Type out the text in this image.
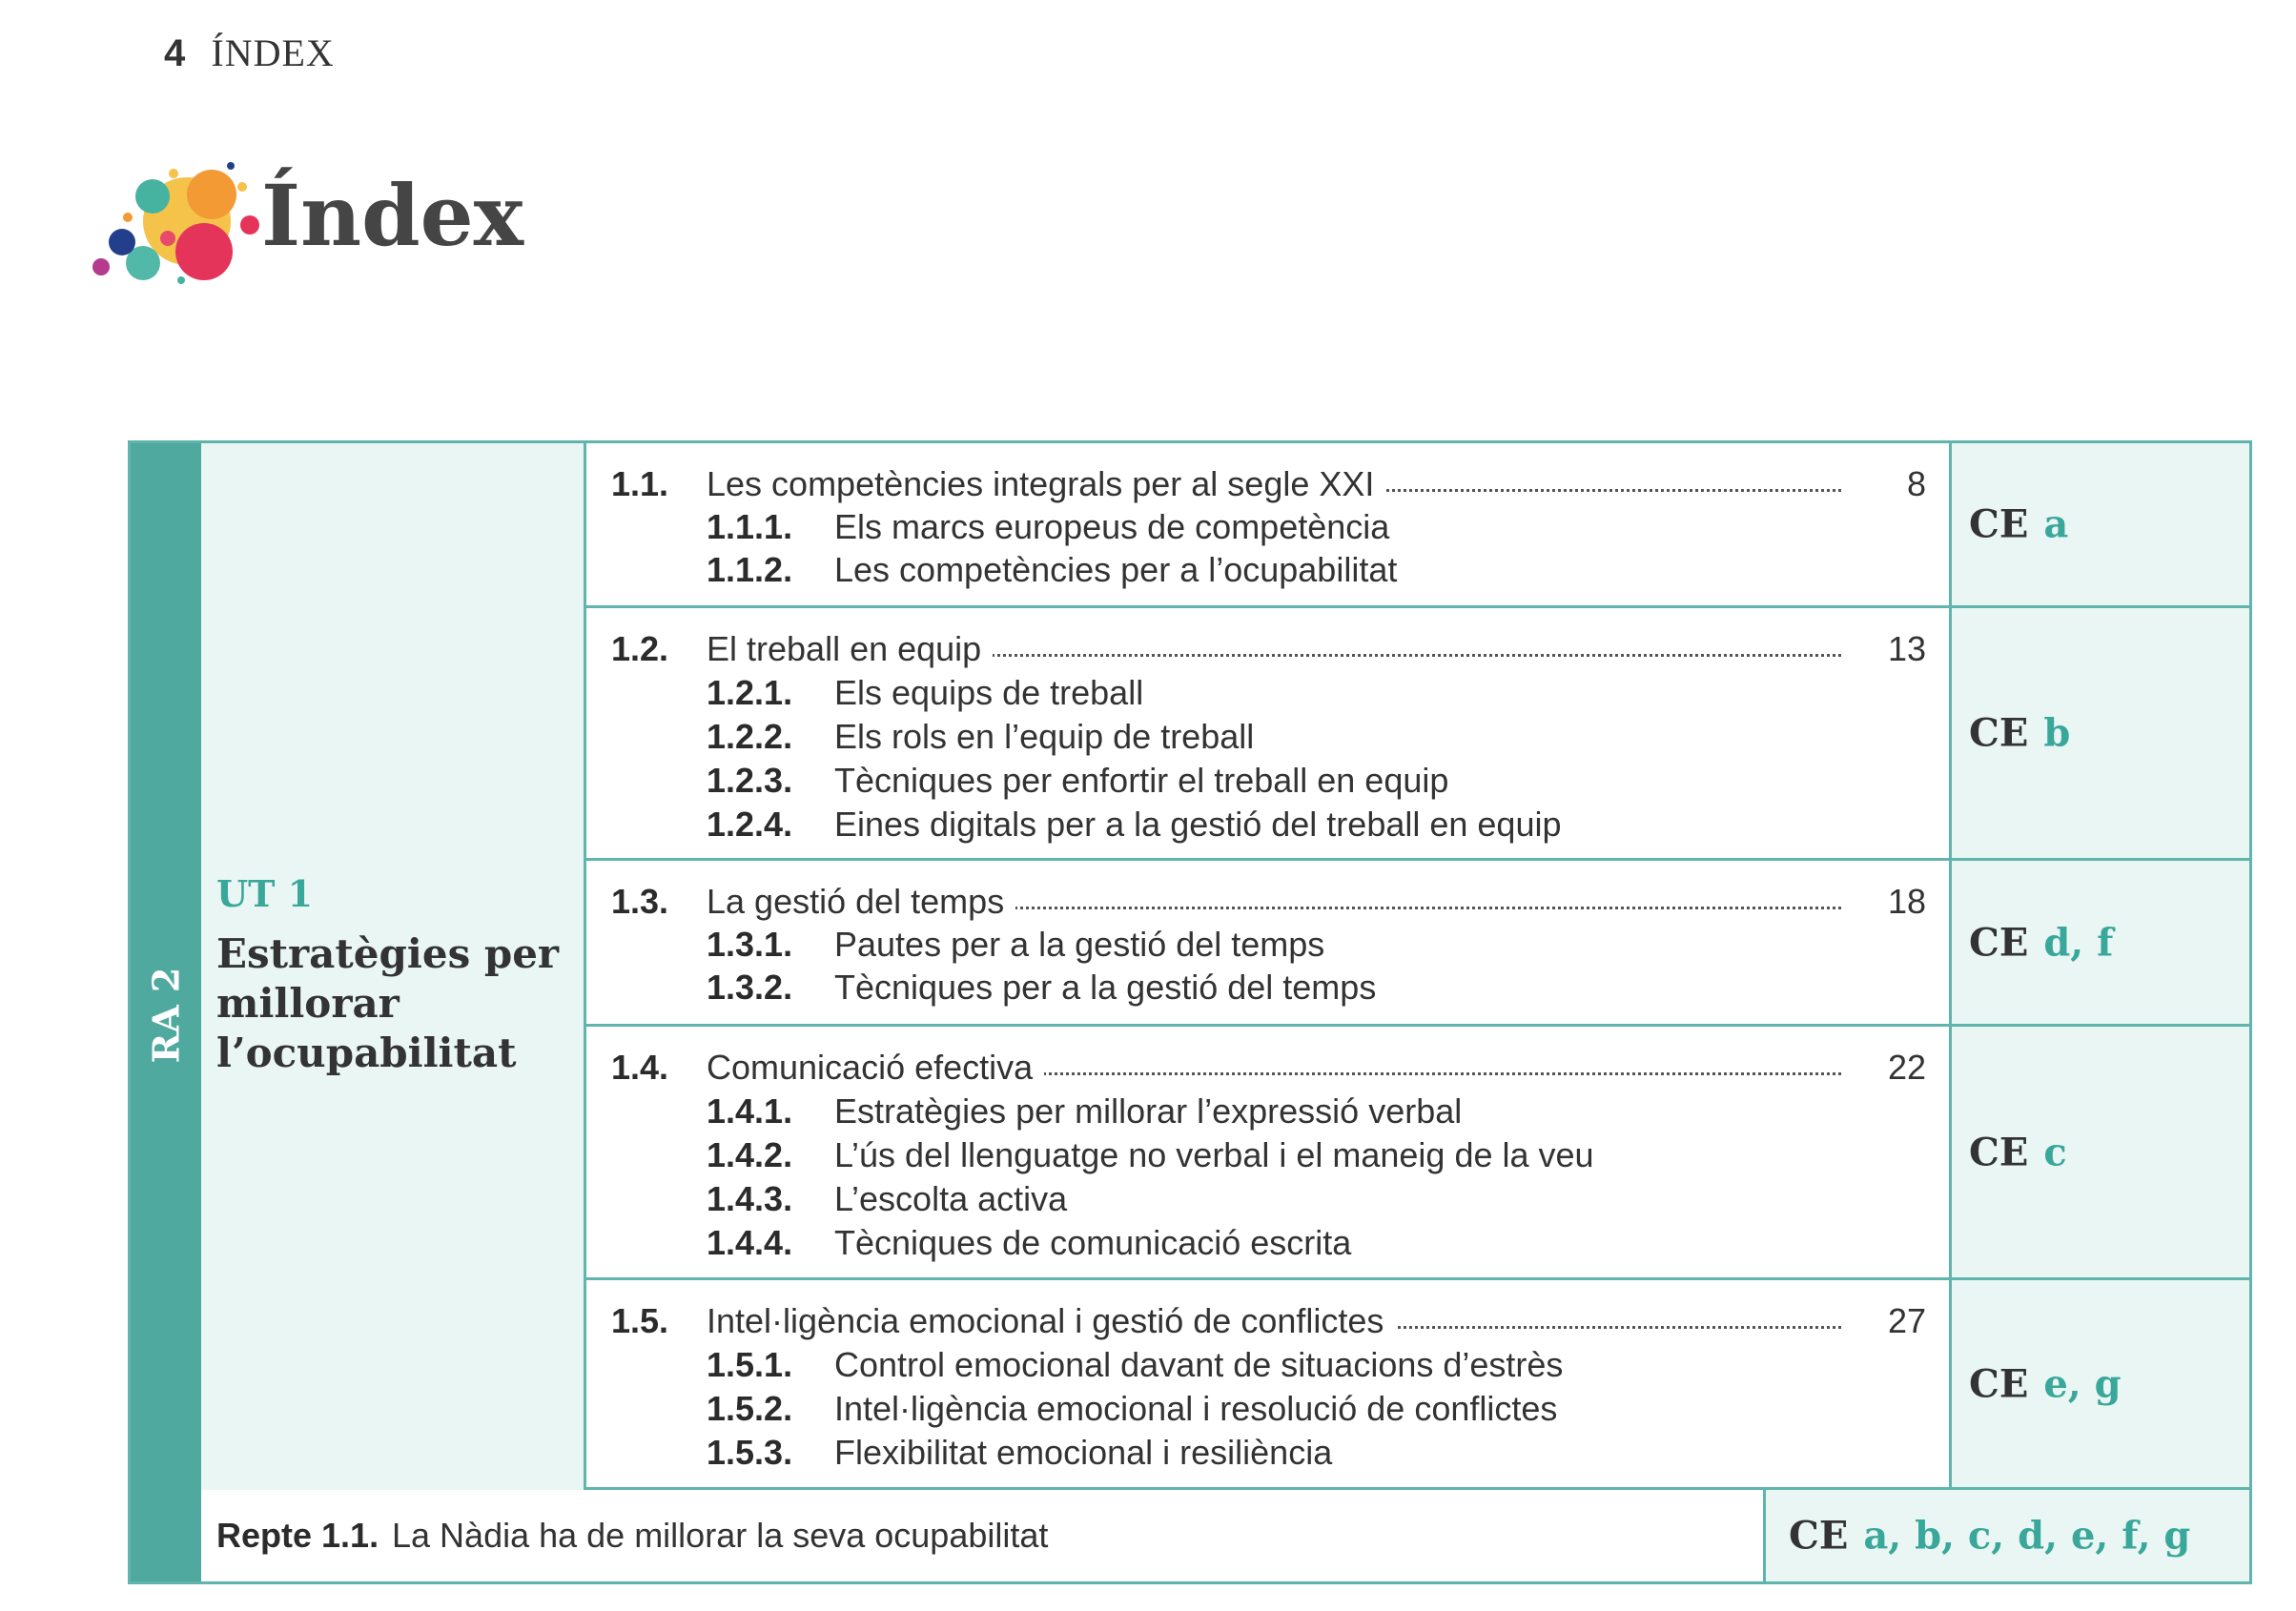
4 ÍNDEX
Índex
RA 2
UT 1
Estratègies per millorar l’ocupabilitat
1.1. Les competències integrals per al segle XXI	8
1.1.1. Els marcs europeus de competència
1.1.2. Les competències per a l’ocupabilitat
CE a
1.2. El treball en equip	13
1.2.1. Els equips de treball
1.2.2. Els rols en l’equip de treball
1.2.3. Tècniques per enfortir el treball en equip
1.2.4. Eines digitals per a la gestió del treball en equip
CE b
1.3. La gestió del temps	18
1.3.1. Pautes per a la gestió del temps
1.3.2. Tècniques per a la gestió del temps
CE d, f
1.4. Comunicació efectiva	22
1.4.1. Estratègies per millorar l’expressió verbal
1.4.2. L’ús del llenguatge no verbal i el maneig de la veu
1.4.3. L’escolta activa
1.4.4. Tècniques de comunicació escrita
CE c
1.5. Intel·ligència emocional i gestió de conflictes	27
1.5.1. Control emocional davant de situacions d’estrès
1.5.2. Intel·ligència emocional i resolució de conflictes
1.5.3. Flexibilitat emocional i resiliència
CE e, g
Repte 1.1. La Nàdia ha de millorar la seva ocupabilitat	CE a, b, c, d, e, f, g
